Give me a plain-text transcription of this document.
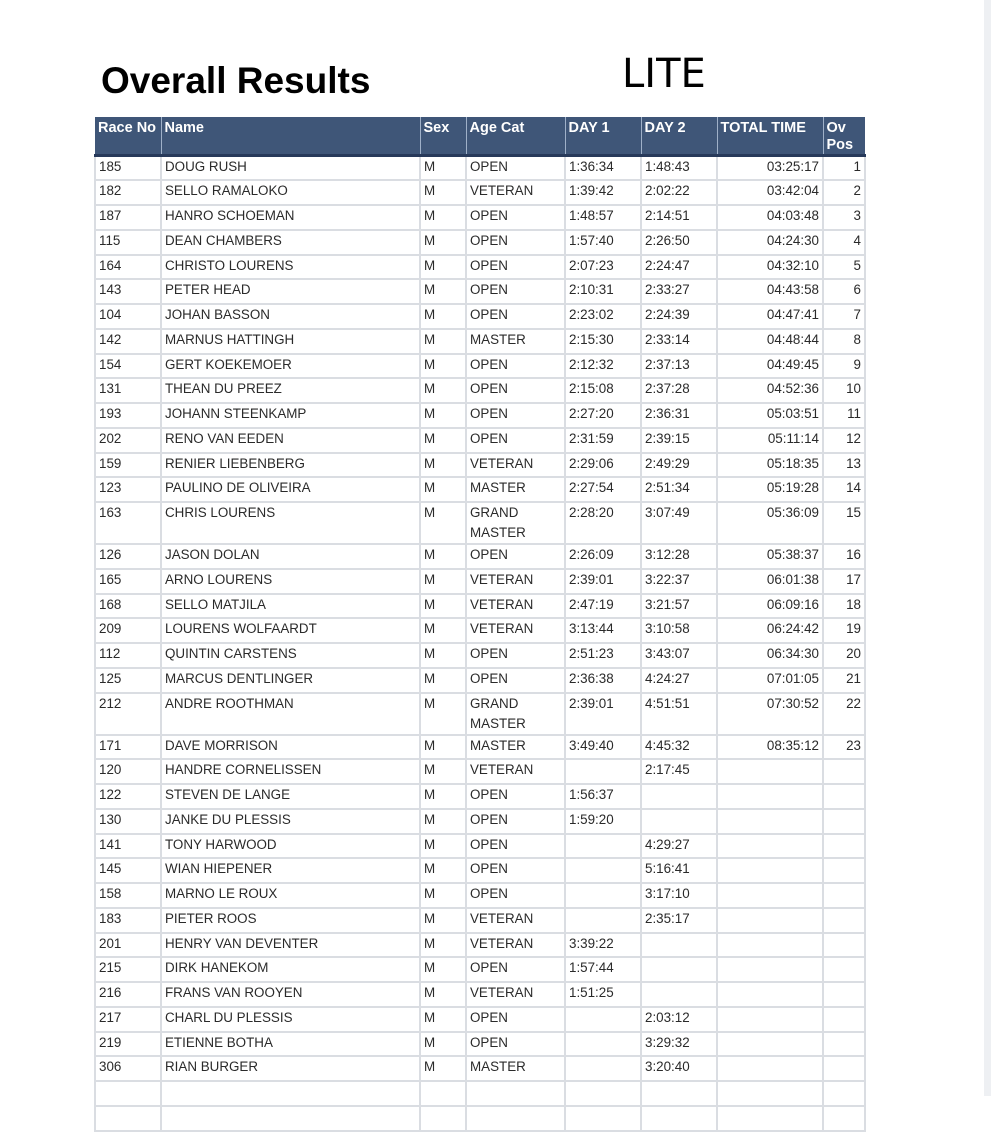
Overall Results	LITE
Race No	Name	Sex	Age Cat	DAY 1	DAY 2	TOTAL TIME	Ov Pos
185	DOUG RUSH	M	OPEN	1:36:34	1:48:43	03:25:17	1
182	SELLO RAMALOKO	M	VETERAN	1:39:42	2:02:22	03:42:04	2
187	HANRO SCHOEMAN	M	OPEN	1:48:57	2:14:51	04:03:48	3
115	DEAN CHAMBERS	M	OPEN	1:57:40	2:26:50	04:24:30	4
164	CHRISTO LOURENS	M	OPEN	2:07:23	2:24:47	04:32:10	5
143	PETER HEAD	M	OPEN	2:10:31	2:33:27	04:43:58	6
104	JOHAN BASSON	M	OPEN	2:23:02	2:24:39	04:47:41	7
142	MARNUS HATTINGH	M	MASTER	2:15:30	2:33:14	04:48:44	8
154	GERT KOEKEMOER	M	OPEN	2:12:32	2:37:13	04:49:45	9
131	THEAN DU PREEZ	M	OPEN	2:15:08	2:37:28	04:52:36	10
193	JOHANN STEENKAMP	M	OPEN	2:27:20	2:36:31	05:03:51	11
202	RENO VAN EEDEN	M	OPEN	2:31:59	2:39:15	05:11:14	12
159	RENIER LIEBENBERG	M	VETERAN	2:29:06	2:49:29	05:18:35	13
123	PAULINO DE OLIVEIRA	M	MASTER	2:27:54	2:51:34	05:19:28	14
163	CHRIS LOURENS	M	GRAND MASTER	2:28:20	3:07:49	05:36:09	15
126	JASON DOLAN	M	OPEN	2:26:09	3:12:28	05:38:37	16
165	ARNO LOURENS	M	VETERAN	2:39:01	3:22:37	06:01:38	17
168	SELLO MATJILA	M	VETERAN	2:47:19	3:21:57	06:09:16	18
209	LOURENS WOLFAARDT	M	VETERAN	3:13:44	3:10:58	06:24:42	19
112	QUINTIN CARSTENS	M	OPEN	2:51:23	3:43:07	06:34:30	20
125	MARCUS DENTLINGER	M	OPEN	2:36:38	4:24:27	07:01:05	21
212	ANDRE ROOTHMAN	M	GRAND MASTER	2:39:01	4:51:51	07:30:52	22
171	DAVE MORRISON	M	MASTER	3:49:40	4:45:32	08:35:12	23
120	HANDRE CORNELISSEN	M	VETERAN		2:17:45		
122	STEVEN DE LANGE	M	OPEN	1:56:37			
130	JANKE DU PLESSIS	M	OPEN	1:59:20			
141	TONY HARWOOD	M	OPEN		4:29:27		
145	WIAN HIEPENER	M	OPEN		5:16:41		
158	MARNO LE ROUX	M	OPEN		3:17:10		
183	PIETER ROOS	M	VETERAN		2:35:17		
201	HENRY VAN DEVENTER	M	VETERAN	3:39:22			
215	DIRK HANEKOM	M	OPEN	1:57:44			
216	FRANS VAN ROOYEN	M	VETERAN	1:51:25			
217	CHARL DU PLESSIS	M	OPEN		2:03:12		
219	ETIENNE BOTHA	M	OPEN		3:29:32		
306	RIAN BURGER	M	MASTER		3:20:40		
